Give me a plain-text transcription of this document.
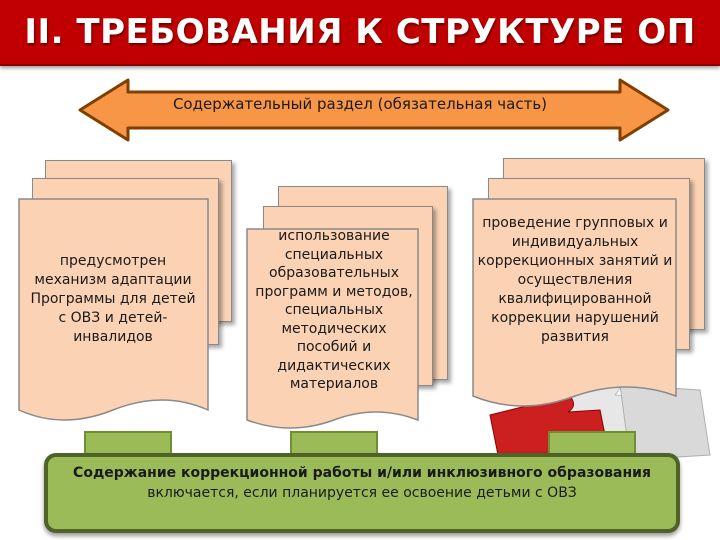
II. ТРЕБОВАНИЯ К СТРУКТУРЕ ОП
Содержательный раздел (обязательная часть)
предусмотрен механизм адаптации Программы для детей с ОВЗ и детей-инвалидов
использование специальных образовательных программ и методов, специальных методических пособий и дидактических материалов
проведение групповых и индивидуальных коррекционных занятий и осуществления квалифицированной коррекции нарушений развития
Содержание коррекционной работы и/или инклюзивного образования
включается, если планируется ее освоение детьми с ОВЗ
